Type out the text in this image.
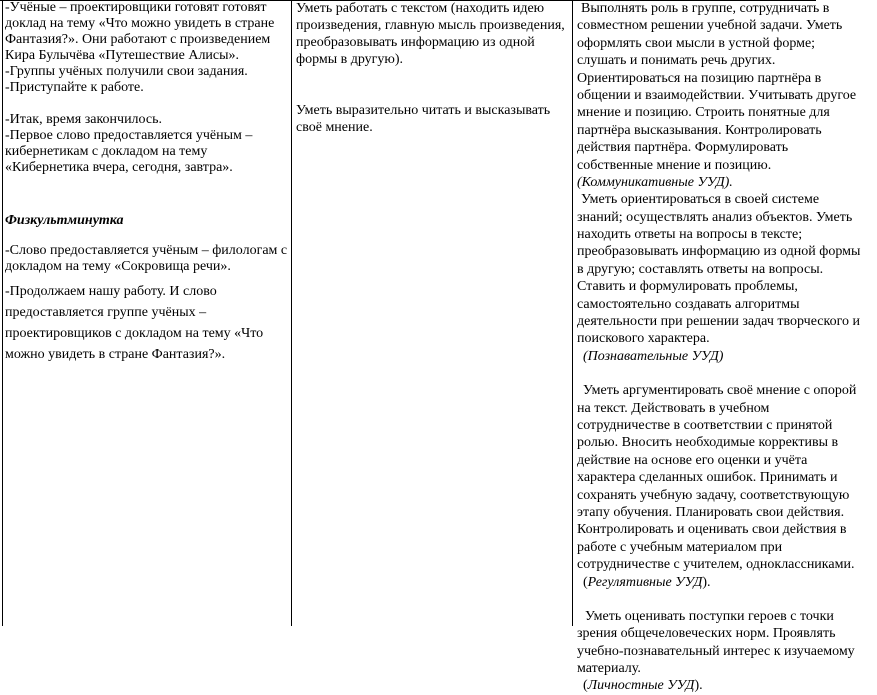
-Учёные – проектировщики готовят готовят
доклад на тему «Что можно увидеть в стране
Фантазия?». Они работают с произведением
Кира Булычёва «Путешествие Алисы».
-Группы учёных получили свои задания.
-Приступайте к работе.
-Итак, время закончилось.
-Первое слово предоставляется учёным –
кибернетикам с докладом на тему
«Кибернетика вчера, сегодня, завтра».
Физкультминутка
-Слово предоставляется учёным – филологам с
докладом на тему «Сокровища речи».
-Продолжаем нашу работу. И слово
предоставляется группе учёных –
проектировщиков с докладом на тему «Что
можно увидеть в стране Фантазия?».
Уметь работать с текстом (находить идею
произведения, главную мысль произведения,
преобразовывать информацию из одной
формы в другую).
Уметь выразительно читать и высказывать
своё мнение.
Выполнять роль в группе, сотрудничать в
совместном решении учебной задачи. Уметь
оформлять свои мысли в устной форме;
слушать и понимать речь других.
Ориентироваться на позицию партнёра в
общении и взаимодействии. Учитывать другое
мнение и позицию. Строить понятные для
партнёра высказывания. Контролировать
действия партнёра. Формулировать
собственные мнение и позицию.
(Коммуникативные УУД).
Уметь ориентироваться в своей системе
знаний; осуществлять анализ объектов. Уметь
находить ответы на вопросы в тексте;
преобразовывать информацию из одной формы
в другую; составлять ответы на вопросы.
Ставить и формулировать проблемы,
самостоятельно создавать алгоритмы
деятельности при решении задач творческого и
поискового характера.
(Познавательные УУД)
Уметь аргументировать своё мнение с опорой
на текст. Действовать в учебном
сотрудничестве в соответствии с принятой
ролью. Вносить необходимые коррективы в
действие на основе его оценки и учёта
характера сделанных ошибок. Принимать и
сохранять учебную задачу, соответствующую
этапу обучения. Планировать свои действия.
Контролировать и оценивать свои действия в
работе с учебным материалом при
сотрудничестве с учителем, одноклассниками.
(Регулятивные УУД).
Уметь оценивать поступки героев с точки
зрения общечеловеческих норм. Проявлять
учебно-познавательный интерес к изучаемому
материалу.
(Личностные УУД).
